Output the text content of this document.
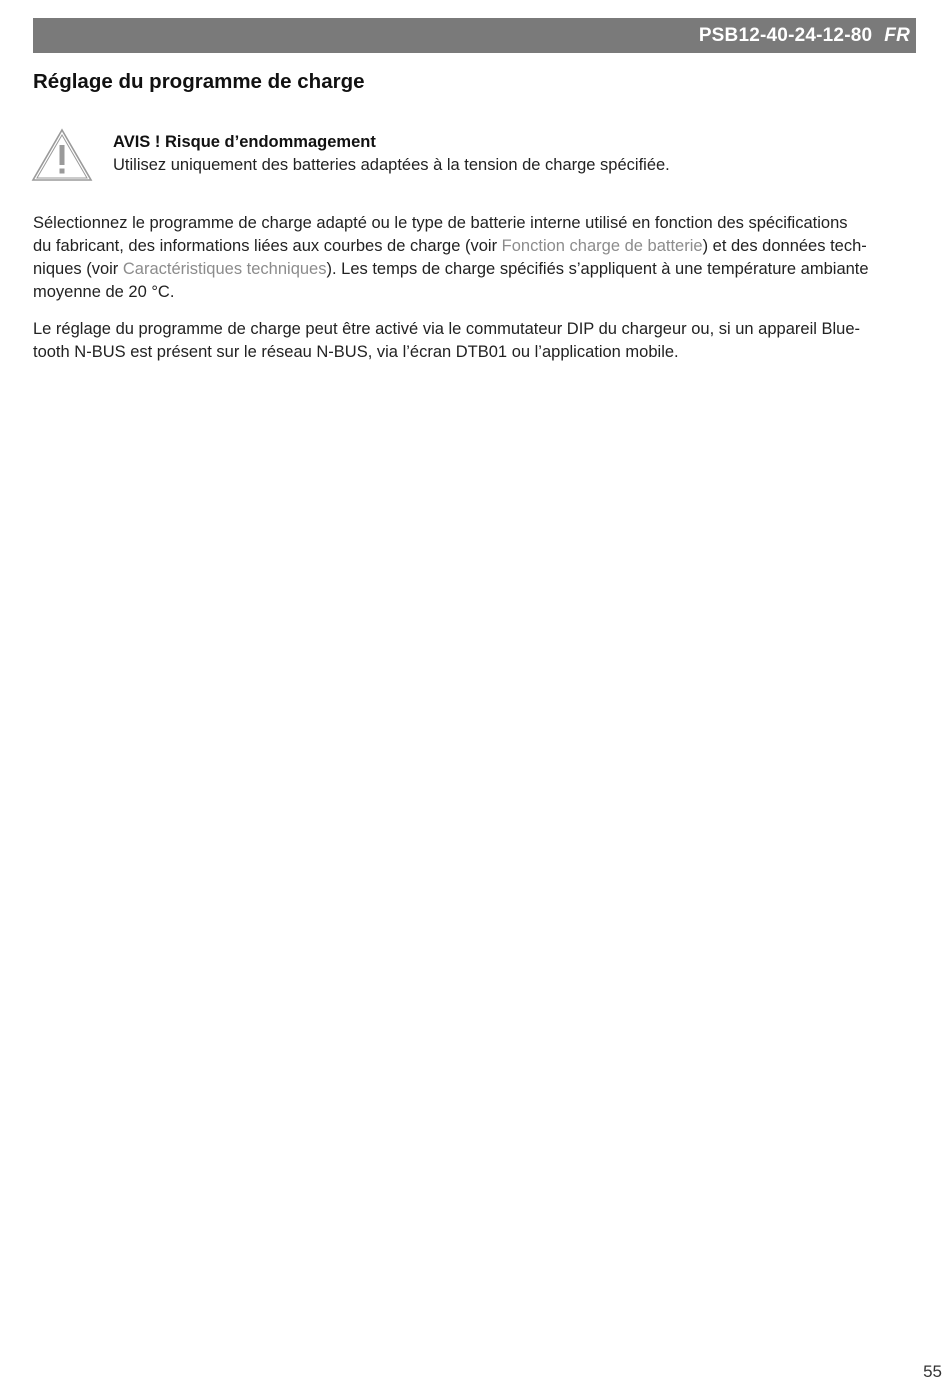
PSB12-40-24-12-80 FR
Réglage du programme de charge
AVIS ! Risque d’endommagement
Utilisez uniquement des batteries adaptées à la tension de charge spécifiée.

Sélectionnez le programme de charge adapté ou le type de batterie interne utilisé en fonction des spécifications
du fabricant, des informations liées aux courbes de charge (voir Fonction charge de batterie) et des données tech-
niques (voir Caractéristiques techniques). Les temps de charge spécifiés s’appliquent à une température ambiante
moyenne de 20 °C.

Le réglage du programme de charge peut être activé via le commutateur DIP du chargeur ou, si un appareil Blue-
tooth N-BUS est présent sur le réseau N-BUS, via l’écran DTB01 ou l’application mobile.

55
